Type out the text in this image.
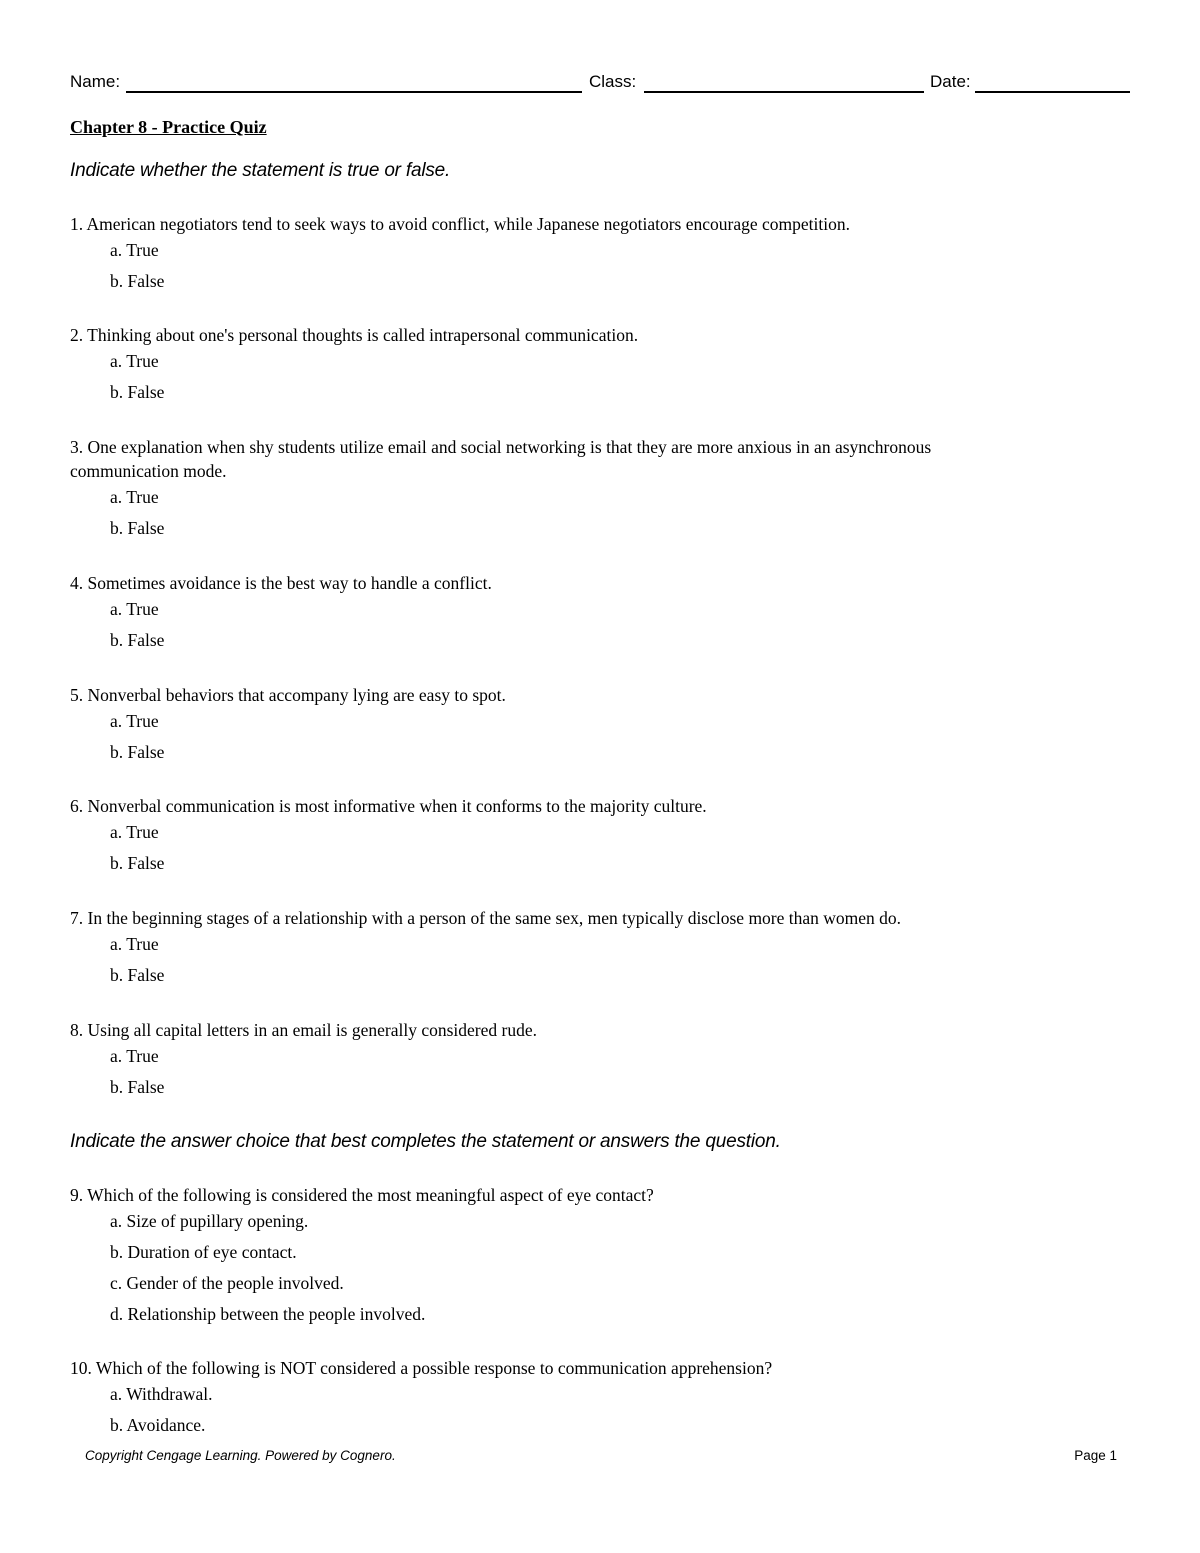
Name:	Class:	Date:
Chapter 8 - Practice Quiz
Indicate whether the statement is true or false.

1. American negotiators tend to seek ways to avoid conflict, while Japanese negotiators encourage competition.

a. True
b. False

2. Thinking about one's personal thoughts is called intrapersonal communication.

a. True
b. False

3. One explanation when shy students utilize email and social networking is that they are more anxious in an asynchronous communication mode.

a. True
b. False

4. Sometimes avoidance is the best way to handle a conflict.

a. True
b. False

5. Nonverbal behaviors that accompany lying are easy to spot.

a. True
b. False

6. Nonverbal communication is most informative when it conforms to the majority culture.

a. True
b. False

7. In the beginning stages of a relationship with a person of the same sex, men typically disclose more than women do.

a. True
b. False

8. Using all capital letters in an email is generally considered rude.

a. True
b. False
Indicate the answer choice that best completes the statement or answers the question.

9. Which of the following is considered the most meaningful aspect of eye contact?

a. Size of pupillary opening.
b. Duration of eye contact.
c. Gender of the people involved.
d. Relationship between the people involved.

10. Which of the following is NOT considered a possible response to communication apprehension?

a. Withdrawal.
b. Avoidance.
Copyright Cengage Learning. Powered by Cognero.	Page 1
